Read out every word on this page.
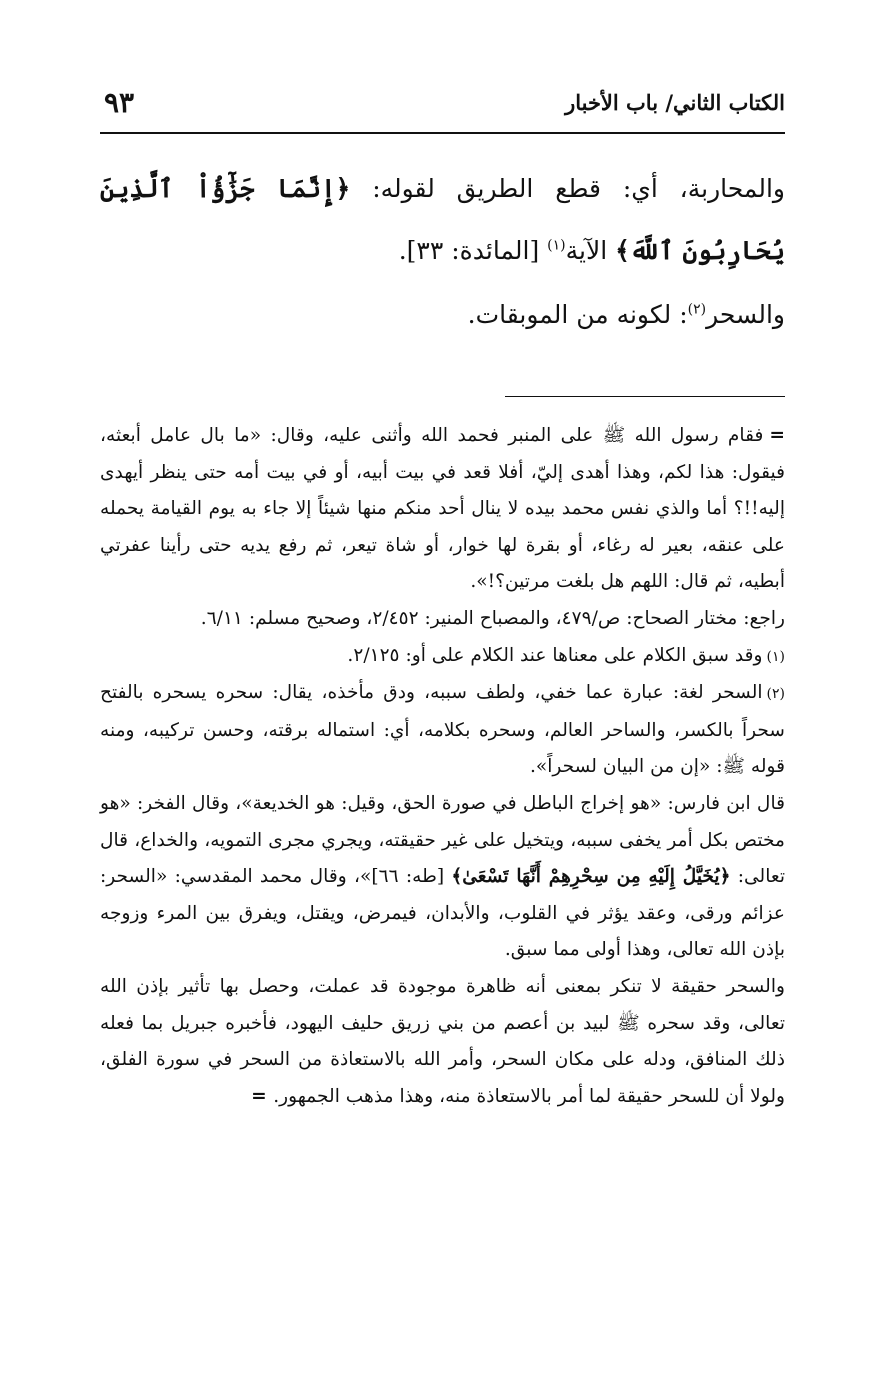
الكتاب الثاني/ باب الأخبار
٩٣

والمحاربة، أي: قطع الطريق لقوله: ﴿إِنَّمَا جَزَٰٓؤُاْ ٱلَّذِينَ يُحَارِبُونَ ٱللَّهَ﴾ الآية$^{(١)}$ [المائدة: ٣٣].

والسحر$^{(٢)}$: لكونه من الموبقات.

=فقام رسول الله ﷺ على المنبر فحمد الله وأثنى عليه، وقال: «ما بال عامل أبعثه، فيقول: هذا لكم، وهذا أهدى إليّ، أفلا قعد في بيت أبيه، أو في بيت أمه حتى ينظر أيهدى إليه!!؟ أما والذي نفس محمد بيده لا ينال أحد منكم منها شيئاً إلا جاء به يوم القيامة يحمله على عنقه، بعير له رغاء، أو بقرة لها خوار، أو شاة تيعر، ثم رفع يديه حتى رأينا عفرتي أبطيه، ثم قال: اللهم هل بلغت مرتين؟!».

راجع: مختار الصحاح: ص/٤٧٩، والمصباح المنير: ٢/٤٥٢، وصحيح مسلم: ٦/١١.

(١)وقد سبق الكلام على معناها عند الكلام على أو: ٢/١٢٥.

(٢)السحر لغة: عبارة عما خفي، ولطف سببه، ودق مأخذه، يقال: سحره يسحره بالفتح سحراً بالكسر، والساحر العالم، وسحره بكلامه، أي: استماله برقته، وحسن تركيبه، ومنه قوله ﷺ: «إن من البيان لسحراً».

قال ابن فارس: «هو إخراج الباطل في صورة الحق، وقيل: هو الخديعة»، وقال الفخر: «هو مختص بكل أمر يخفى سببه، ويتخيل على غير حقيقته، ويجري مجرى التمويه، والخداع، قال تعالى: ﴿يُخَيَّلُ إِلَيْهِ مِن سِحْرِهِمْ أَنَّهَا تَسْعَىٰ﴾ [طه: ٦٦]»، وقال محمد المقدسي: «السحر: عزائم ورقى، وعقد يؤثر في القلوب، والأبدان، فيمرض، ويقتل، ويفرق بين المرء وزوجه بإذن الله تعالى، وهذا أولى مما سبق.

والسحر حقيقة لا تنكر بمعنى أنه ظاهرة موجودة قد عملت، وحصل بها تأثير بإذن الله تعالى، وقد سحره ﷺ لبيد بن أعصم من بني زريق حليف اليهود، فأخبره جبريل بما فعله ذلك المنافق، ودله على مكان السحر، وأمر الله بالاستعاذة من السحر في سورة الفلق، ولولا أن للسحر حقيقة لما أمر بالاستعاذة منه، وهذا مذهب الجمهور. =
